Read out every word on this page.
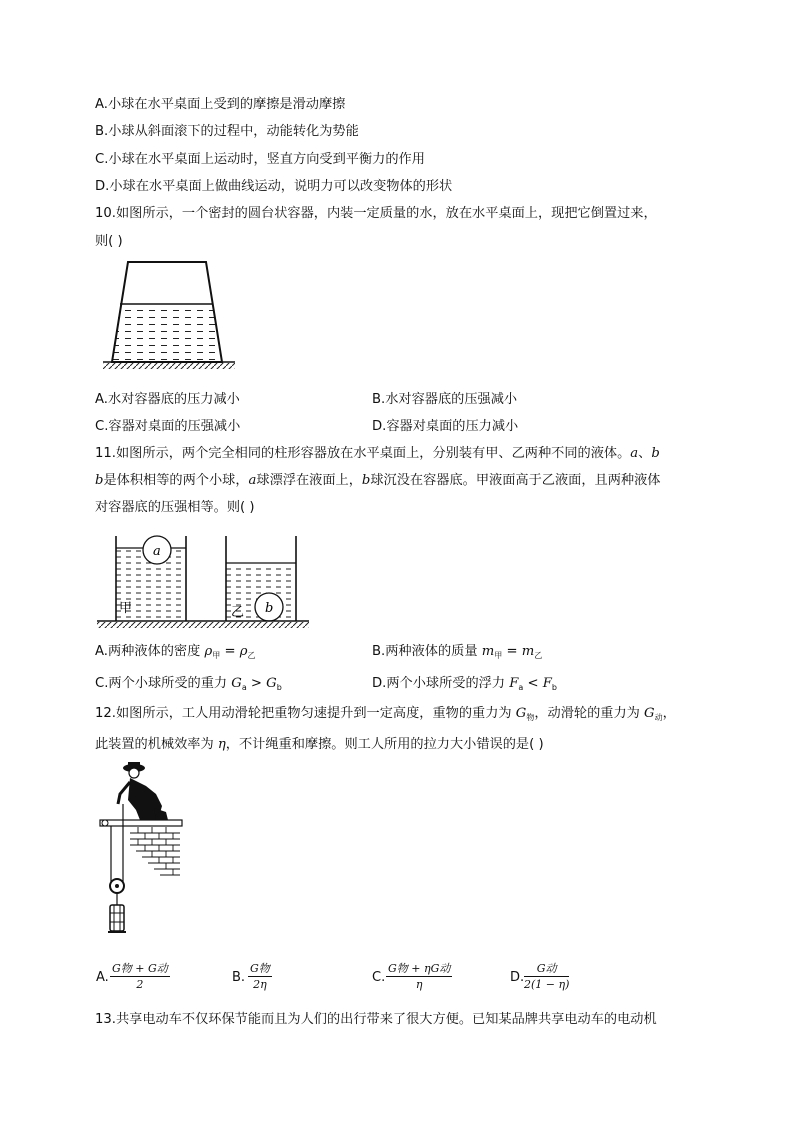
A.小球在水平桌面上受到的摩擦是滑动摩擦
B.小球从斜面滚下的过程中，动能转化为势能
C.小球在水平桌面上运动时，竖直方向受到平衡力的作用
D.小球在水平桌面上做曲线运动，说明力可以改变物体的形状
10.如图所示，一个密封的圆台状容器，内装一定质量的水，放在水平桌面上，现把它倒置过来，
则( )
A.水对容器底的压力减小	B.水对容器底的压强减小
C.容器对桌面的压强减小	D.容器对桌面的压力减小
11.如图所示，两个完全相同的柱形容器放在水平桌面上，分别装有甲、乙两种不同的液体。a、b
b是体积相等的两个小球，a球漂浮在液面上，b球沉没在容器底。甲液面高于乙液面，且两种液体
对容器底的压强相等。则( )
a
甲	b
乙
A.两种液体的密度 $\rho_甲 = \rho_乙$	B.两种液体的质量 $m_甲 = m_乙$
C.两个小球所受的重力 $G_a > G_b$	D.两个小球所受的浮力 $F_a < F_b$
12.如图所示，工人用动滑轮把重物匀速提升到一定高度，重物的重力为 $G_物$，动滑轮的重力为 $G_动$，
此装置的机械效率为 η，不计绳重和摩擦。则工人所用的拉力大小错误的是( )
A.
G物 + G动
2	B.
G物
2η	C.
G物 + ηG动
η	D.
G动
2(1 − η)
13.共享电动车不仅环保节能而且为人们的出行带来了很大方便。已知某品牌共享电动车的电动机
